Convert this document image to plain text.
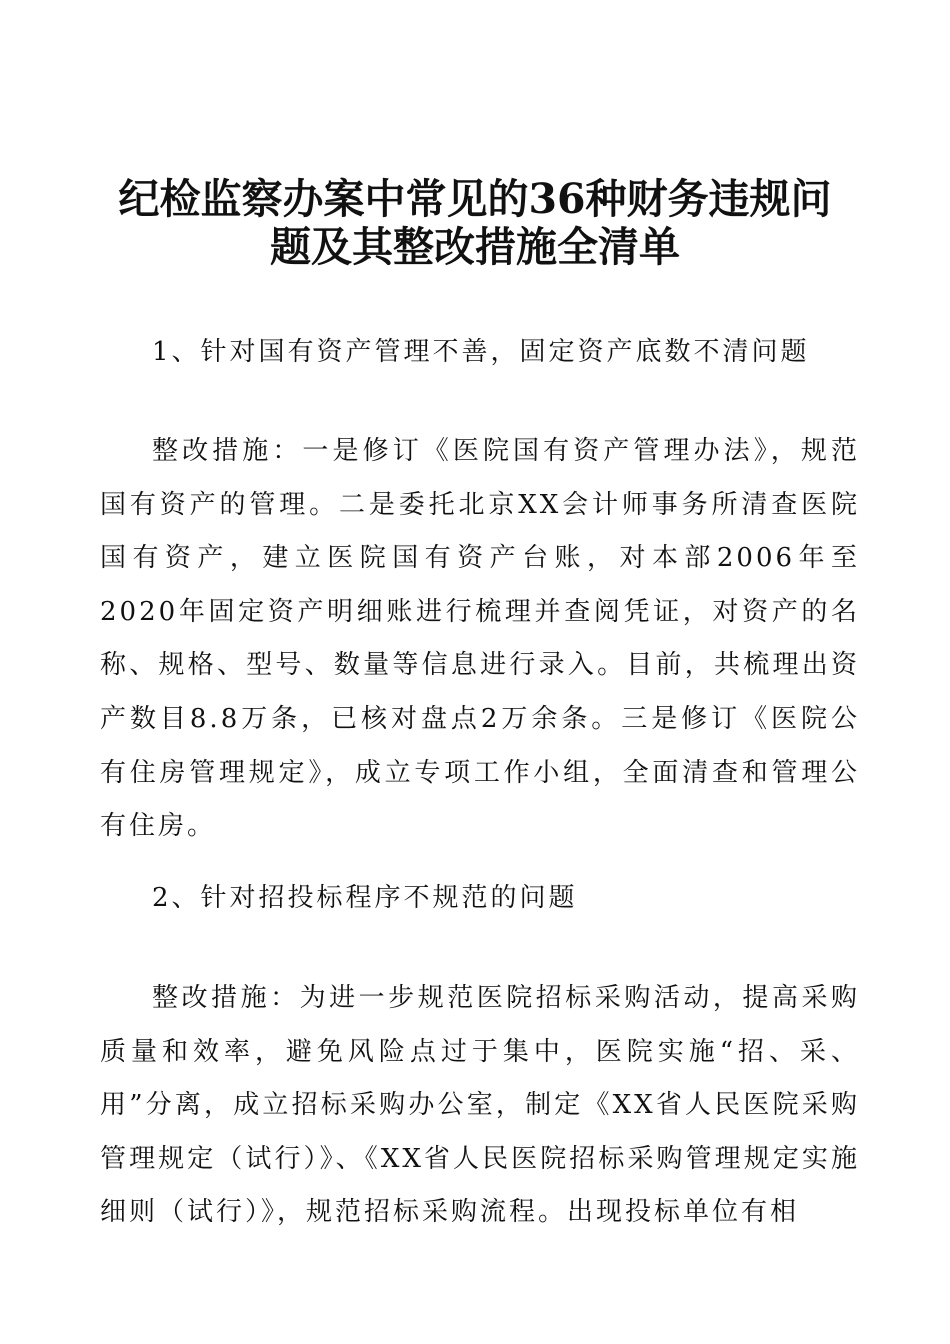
纪检监察办案中常见的36种财务违规问
题及其整改措施全清单

1、针对国有资产管理不善，固定资产底数不清问题

整改措施：一是修订《医院国有资产管理办法》，规范国有资产的管理。二是委托北京XX会计师事务所清查医院国有资产，建立医院国有资产台账，对本部2006年至2020年固定资产明细账进行梳理并查阅凭证，对资产的名称、规格、型号、数量等信息进行录入。目前，共梳理出资产数目8.8万条，已核对盘点2万余条。三是修订《医院公有住房管理规定》，成立专项工作小组，全面清查和管理公有住房。

2、针对招投标程序不规范的问题

整改措施：为进一步规范医院招标采购活动，提高采购质量和效率，避免风险点过于集中，医院实施“招、采、用”分离，成立招标采购办公室，制定《XX省人民医院采购管理规定（试行）》、《XX省人民医院招标采购管理规定实施细则（试行）》，规范招标采购流程。出现投标单位有相
